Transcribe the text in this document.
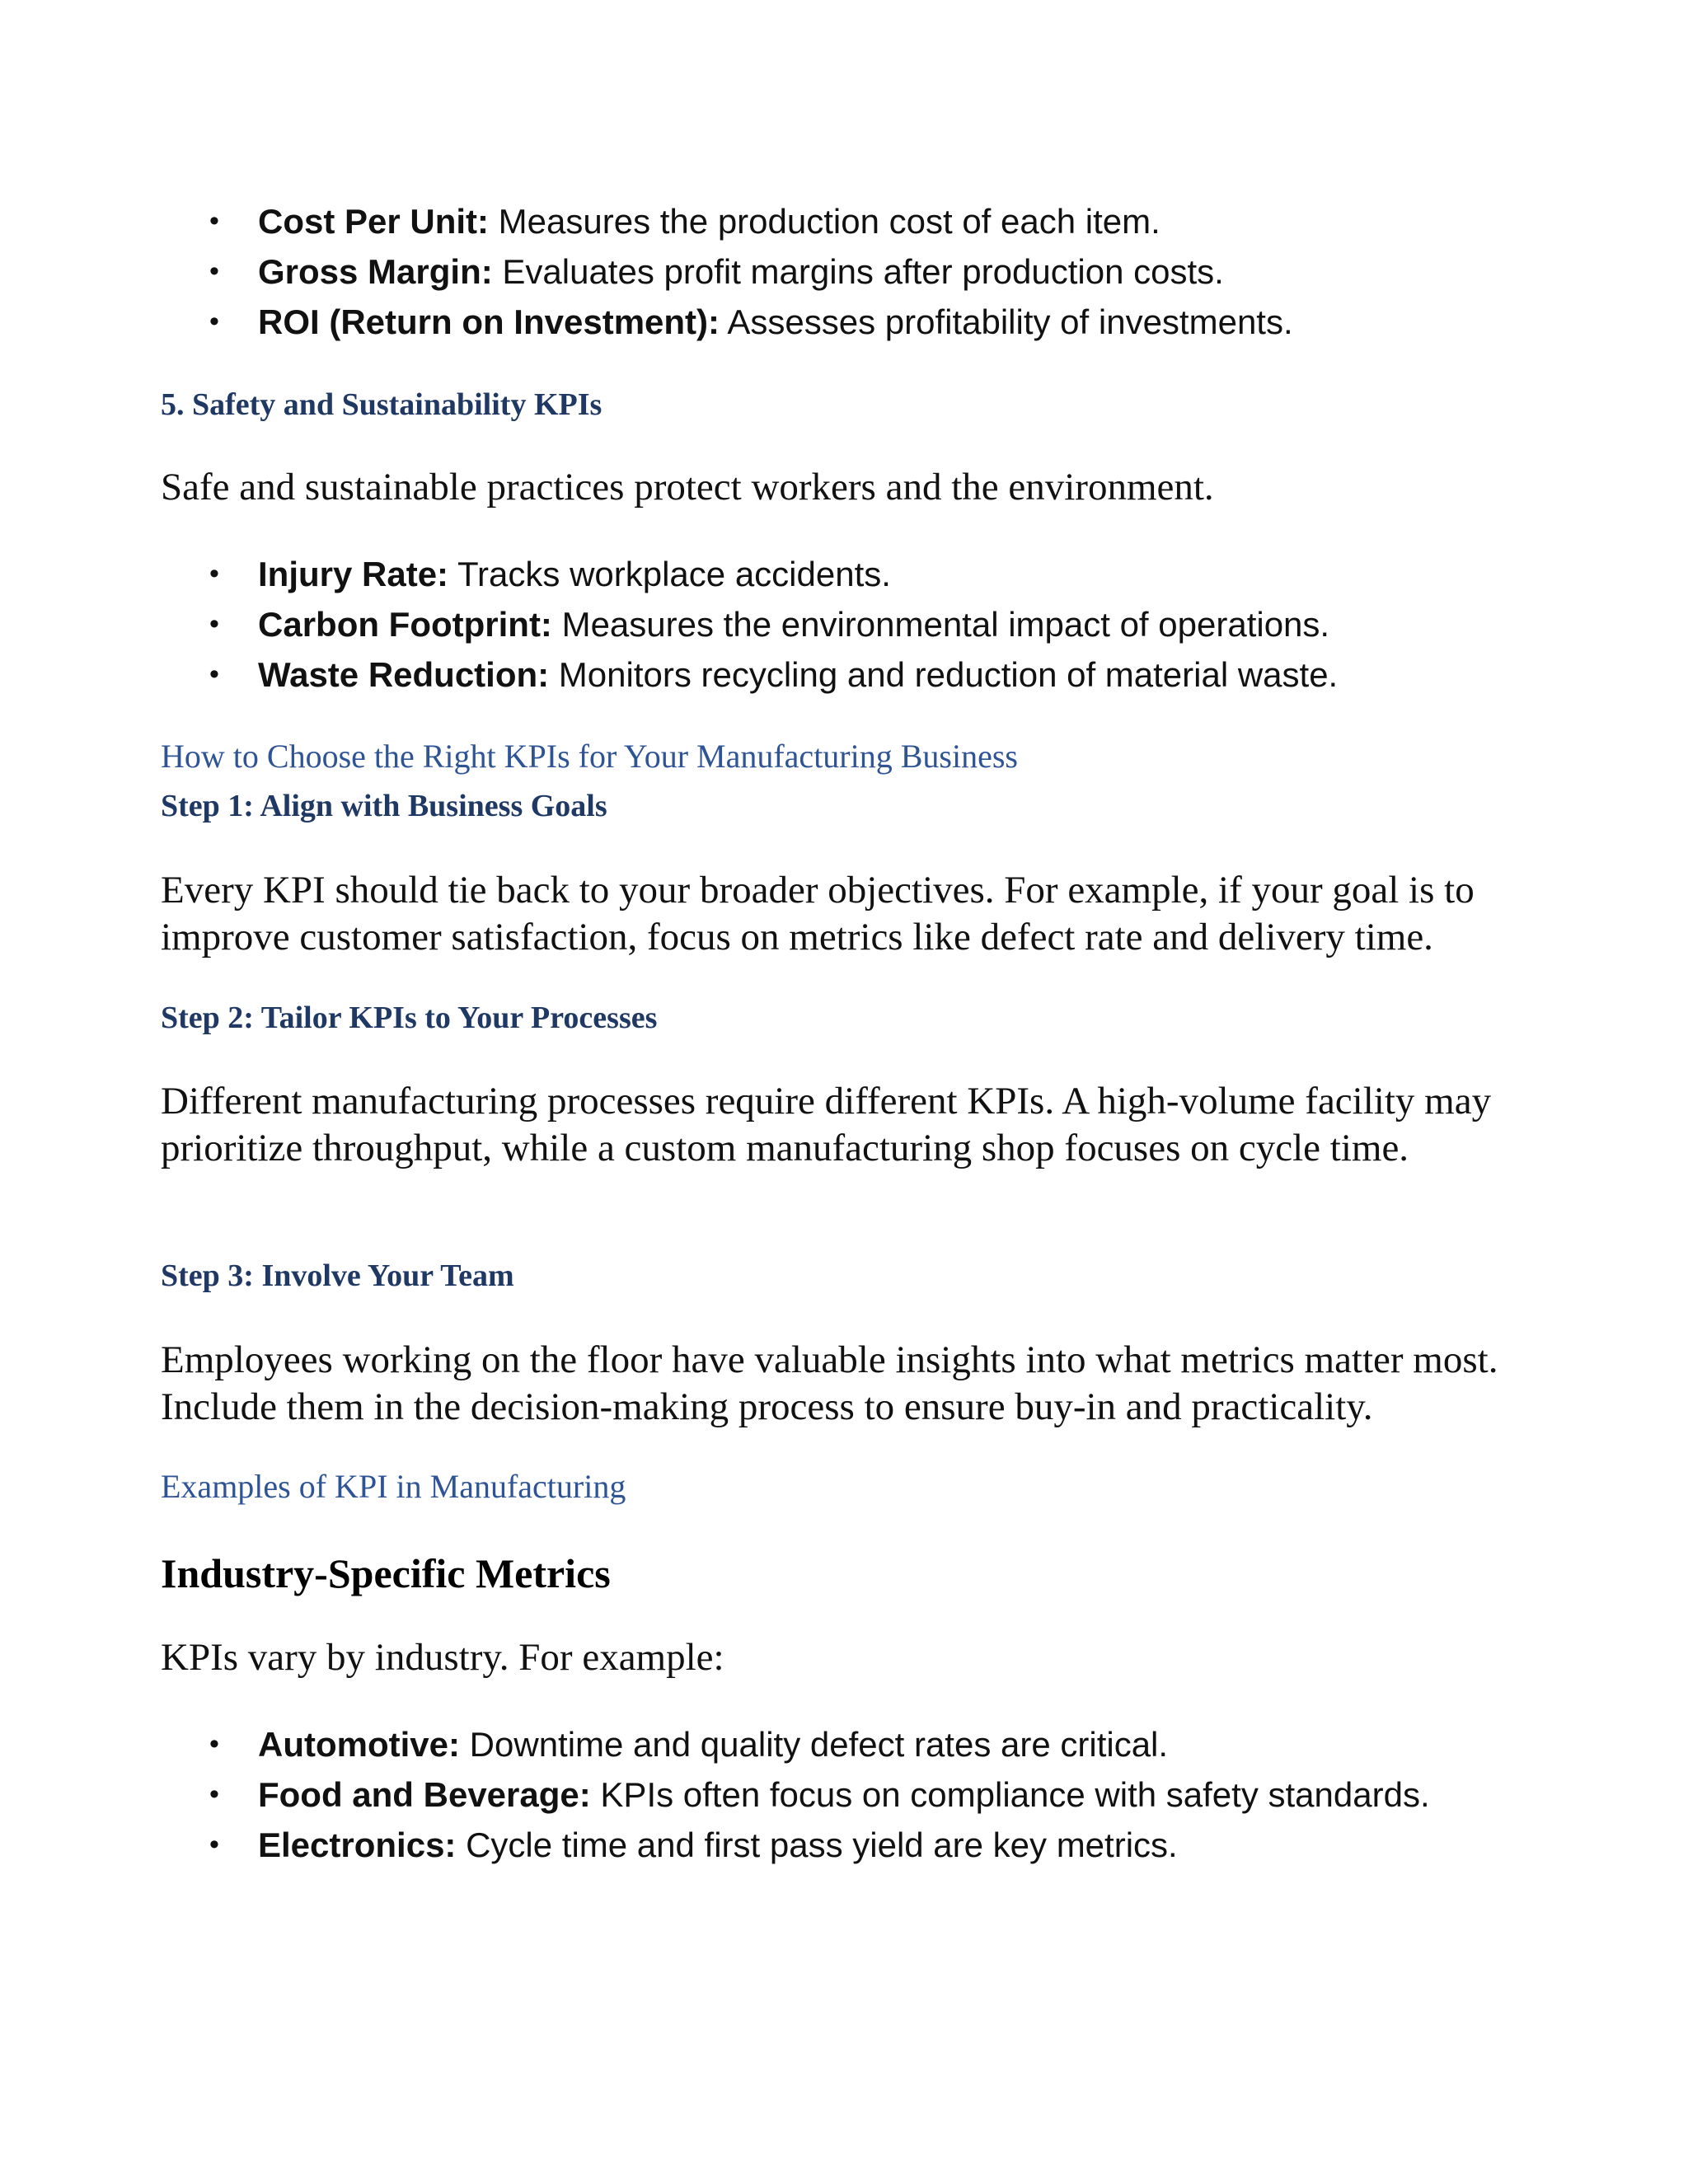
• Cost Per Unit: Measures the production cost of each item.
• Gross Margin: Evaluates profit margins after production costs.
• ROI (Return on Investment): Assesses profitability of investments.
5. Safety and Sustainability KPIs

Safe and sustainable practices protect workers and the environment.

• Injury Rate: Tracks workplace accidents.
• Carbon Footprint: Measures the environmental impact of operations.
• Waste Reduction: Monitors recycling and reduction of material waste.
How to Choose the Right KPIs for Your Manufacturing Business
Step 1: Align with Business Goals

Every KPI should tie back to your broader objectives. For example, if your goal is to improve customer satisfaction, focus on metrics like defect rate and delivery time.

Step 2: Tailor KPIs to Your Processes

Different manufacturing processes require different KPIs. A high-volume facility may prioritize throughput, while a custom manufacturing shop focuses on cycle time.

Step 3: Involve Your Team

Employees working on the floor have valuable insights into what metrics matter most. Include them in the decision-making process to ensure buy-in and practicality.

Examples of KPI in Manufacturing
Industry-Specific Metrics

KPIs vary by industry. For example:

• Automotive: Downtime and quality defect rates are critical.
• Food and Beverage: KPIs often focus on compliance with safety standards.
• Electronics: Cycle time and first pass yield are key metrics.
